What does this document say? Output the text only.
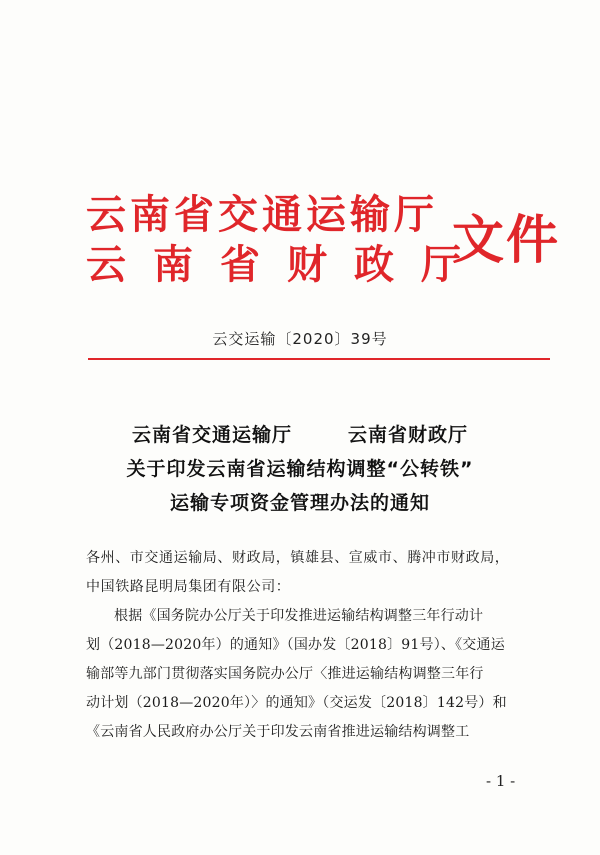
云南省交通运输厅
云南省财政厅
文件
云交运输〔2020〕39号
云南省交通运输厅	云南省财政厅
关于印发云南省运输结构调整“公转铁”
运输专项资金管理办法的通知

各州、市交通运输局、财政局，镇雄县、宣威市、腾冲市财政局，
中国铁路昆明局集团有限公司：

根据《国务院办公厅关于印发推进运输结构调整三年行动计
划（2018—2020年）的通知》（国办发〔2018〕91号）、《交通运
输部等九部门贯彻落实国务院办公厅〈推进运输结构调整三年行
动计划（2018—2020年）〉的通知》（交运发〔2018〕142号）和
《云南省人民政府办公厅关于印发云南省推进运输结构调整工

- 1 -
